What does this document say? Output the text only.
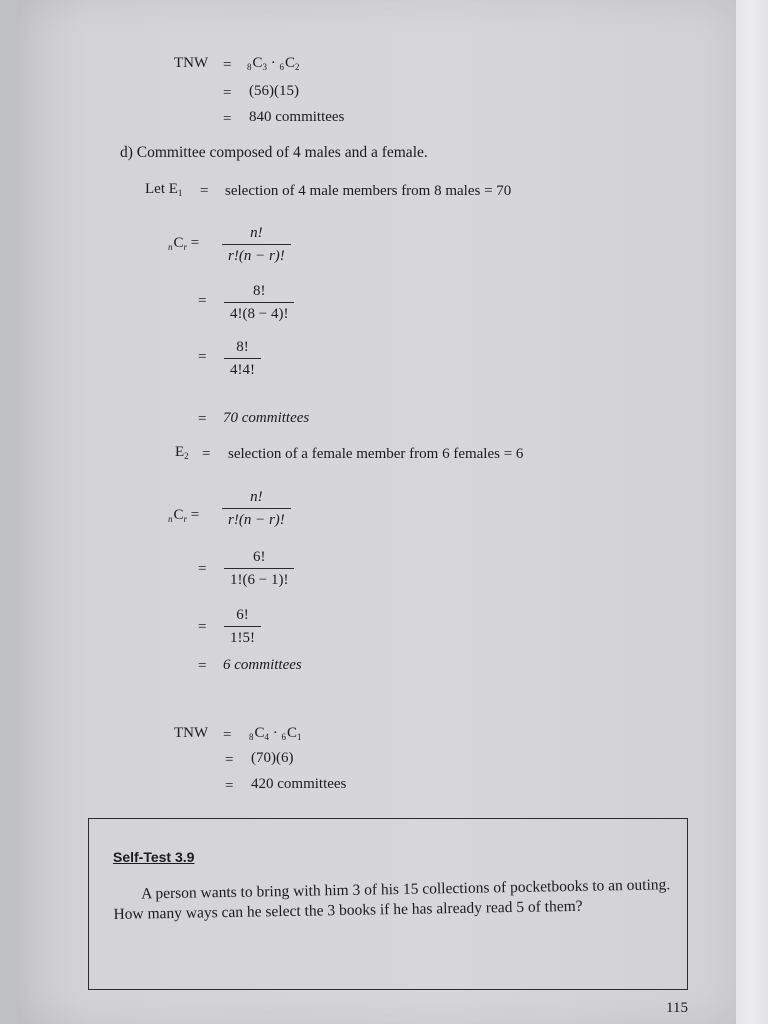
TNW = $_8C_3 \cdot _6C_2$
= (56)(15)
= 840 committees
d) Committee composed of 4 males and a female.
Let $E_1$ = selection of 4 male members from 8 males = 70
$_nC_r = \frac{n!}{r!(n - r)!}$
= $\frac{8!}{4!(8 - 4)!}$
= $\frac{8!}{4!4!}$
= 70 committees
$E_2$ = selection of a female member from 6 females = 6
$_nC_r = \frac{n!}{r!(n - r)!}$
= $\frac{6!}{1!(6 - 1)!}$
= $\frac{6!}{1!5!}$
= 6 committees
TNW = $_8C_4 \cdot _6C_1$
= (70)(6)
= 420 committees
Self-Test 3.9
A person wants to bring with him 3 of his 15 collections of pocketbooks to an outing. How many ways can he select the 3 books if he has already read 5 of them?
115
